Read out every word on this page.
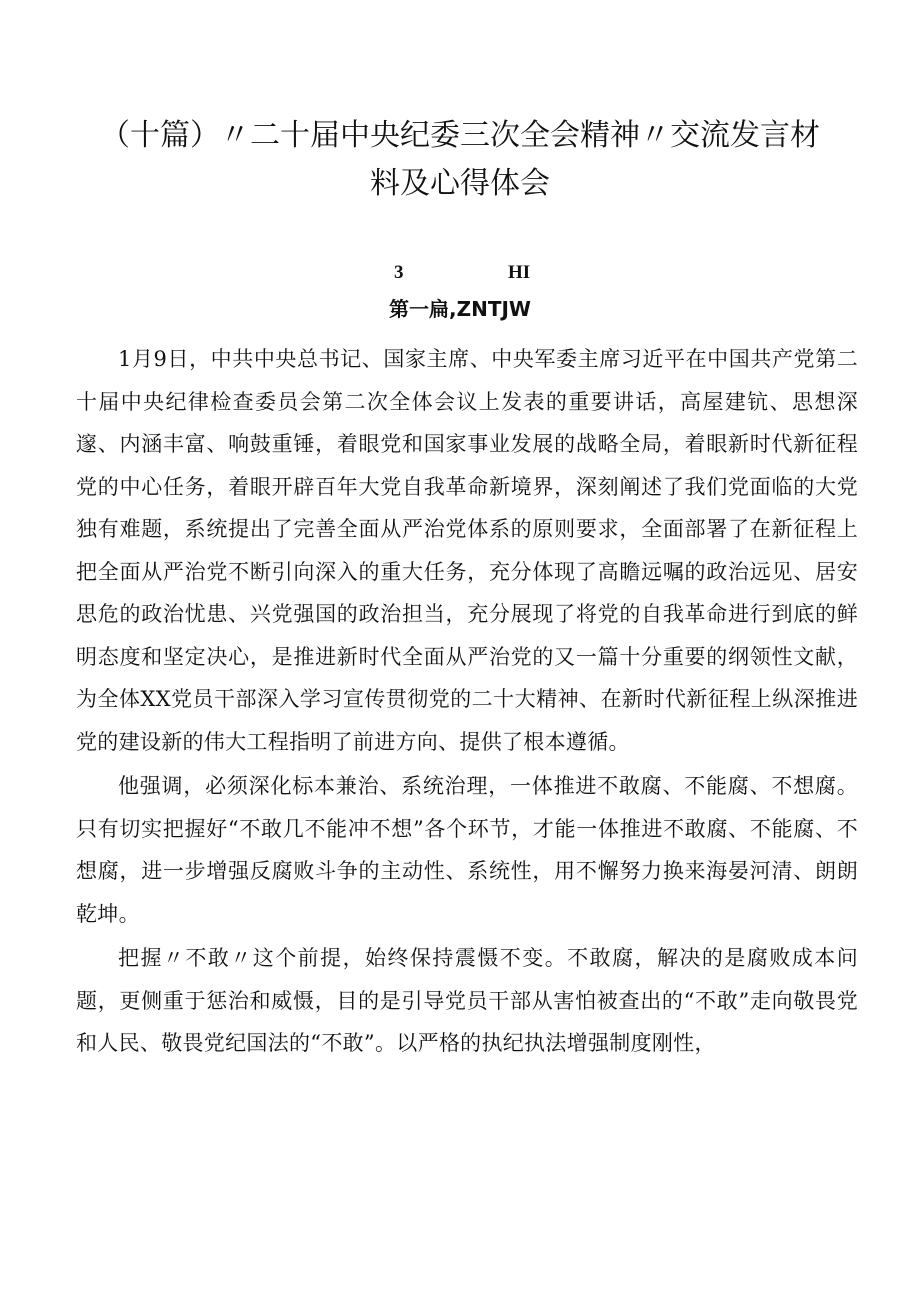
（十篇）〃二十届中央纪委三次全会精神〃交流发言材
料及心得体会
3	HI
第一扁,ZNTJW

1月9日，中共中央总书记、国家主席、中央军委主席习近平在中国共产党第二十届中央纪律检查委员会第二次全体会议上发表的重要讲话，高屋建钪、思想深邃、内涵丰富、响鼓重锤，着眼党和国家事业发展的战略全局，着眼新时代新征程党的中心任务，着眼开辟百年大党自我革命新境界，深刻阐述了我们党面临的大党独有难题，系统提出了完善全面从严治党体系的原则要求，全面部署了在新征程上把全面从严治党不断引向深入的重大任务，充分体现了高瞻远嘱的政治远见、居安思危的政治忧患、兴党强国的政治担当，充分展现了将党的自我革命进行到底的鲜明态度和坚定决心，是推进新时代全面从严治党的又一篇十分重要的纲领性文献，为全体XX党员干部深入学习宣传贯彻党的二十大精神、在新时代新征程上纵深推进党的建设新的伟大工程指明了前进方向、提供了根本遵循。

他强调，必须深化标本兼治、系统治理，一体推进不敢腐、不能腐、不想腐。只有切实把握好“不敢几不能冲不想”各个环节，才能一体推进不敢腐、不能腐、不想腐，进一步增强反腐败斗争的主动性、系统性，用不懈努力换来海晏河清、朗朗乾坤。

把握〃不敢〃这个前提，始终保持震慑不变。不敢腐，解决的是腐败成本问题，更侧重于惩治和威慑，目的是引导党员干部从害怕被查出的“不敢”走向敬畏党和人民、敬畏党纪国法的“不敢”。以严格的执纪执法增强制度刚性，
